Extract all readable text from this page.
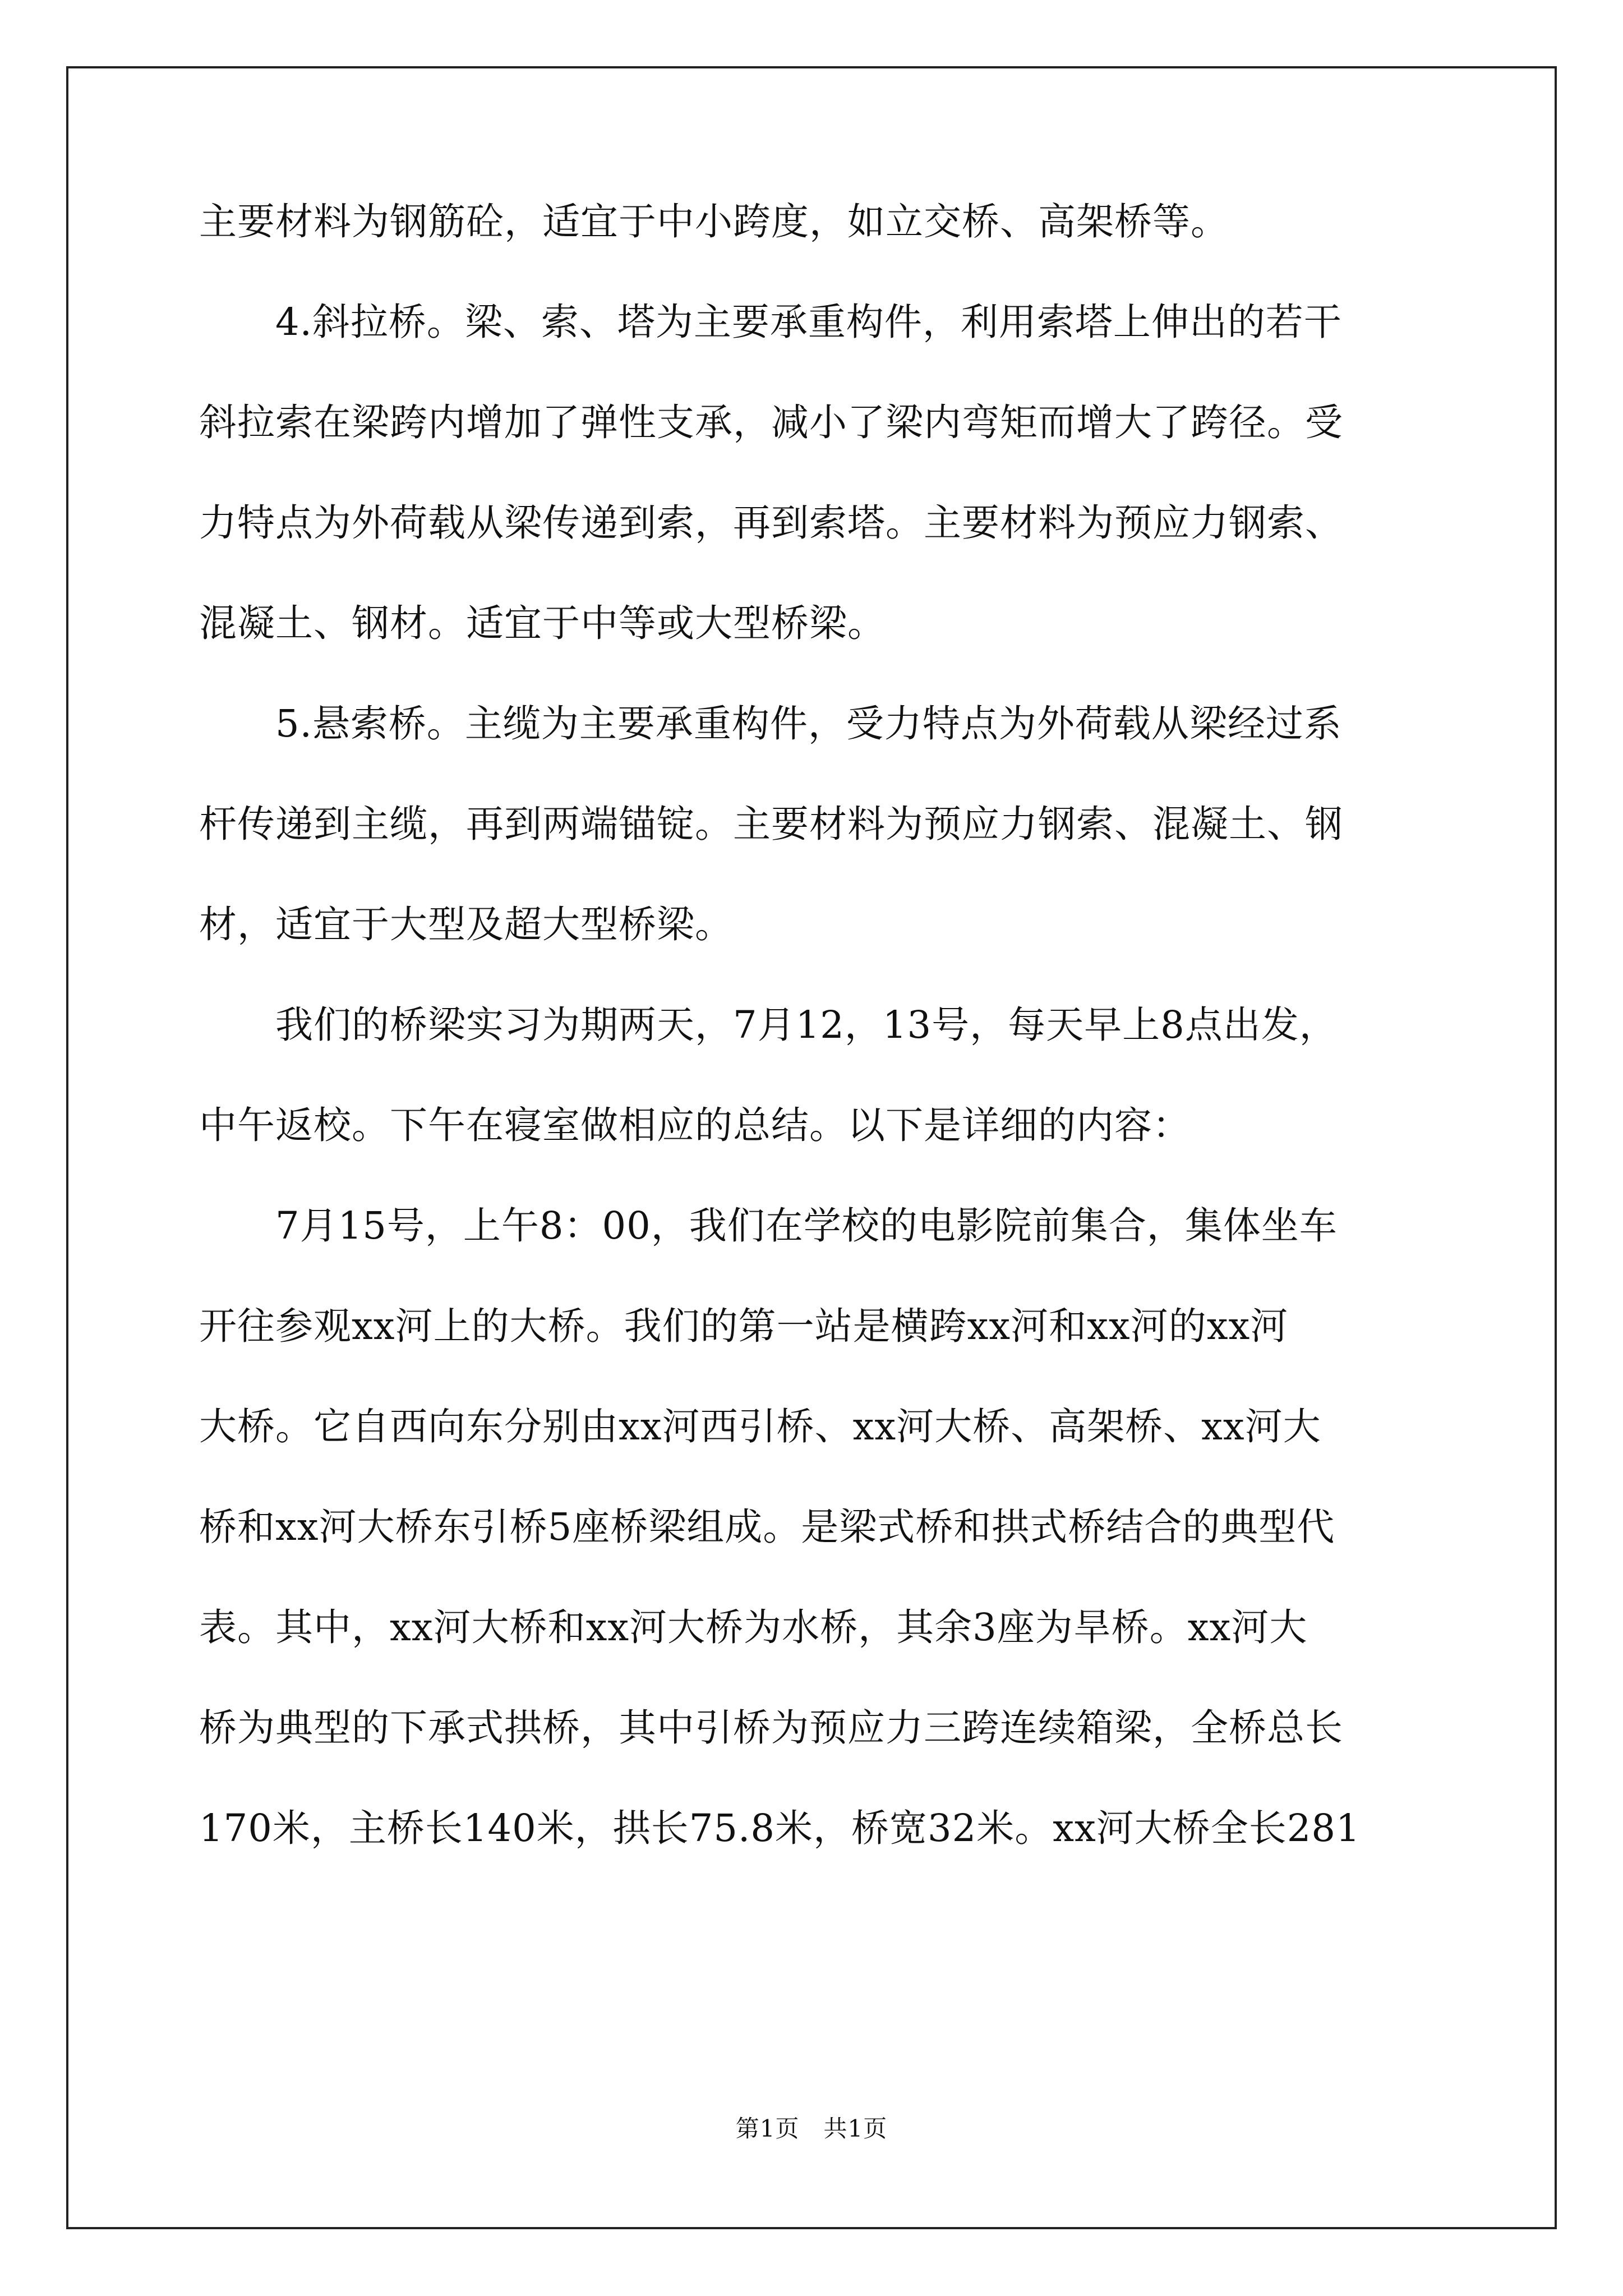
主要材料为钢筋砼，适宜于中小跨度，如立交桥、高架桥等。
　　4.斜拉桥。梁、索、塔为主要承重构件，利用索塔上伸出的若干
斜拉索在梁跨内增加了弹性支承，减小了梁内弯矩而增大了跨径。受
力特点为外荷载从梁传递到索，再到索塔。主要材料为预应力钢索、
混凝土、钢材。适宜于中等或大型桥梁。
　　5.悬索桥。主缆为主要承重构件，受力特点为外荷载从梁经过系
杆传递到主缆，再到两端锚锭。主要材料为预应力钢索、混凝土、钢
材，适宜于大型及超大型桥梁。
　　我们的桥梁实习为期两天，7月12，13号，每天早上8点出发，
中午返校。下午在寝室做相应的总结。以下是详细的内容：
　　7月15号，上午8：00，我们在学校的电影院前集合，集体坐车
开往参观xx河上的大桥。我们的第一站是横跨xx河和xx河的xx河
大桥。它自西向东分别由xx河西引桥、xx河大桥、高架桥、xx河大
桥和xx河大桥东引桥5座桥梁组成。是梁式桥和拱式桥结合的典型代
表。其中，xx河大桥和xx河大桥为水桥，其余3座为旱桥。xx河大
桥为典型的下承式拱桥，其中引桥为预应力三跨连续箱梁，全桥总长
170米，主桥长140米，拱长75.8米，桥宽32米。xx河大桥全长281
第1页　共1页
